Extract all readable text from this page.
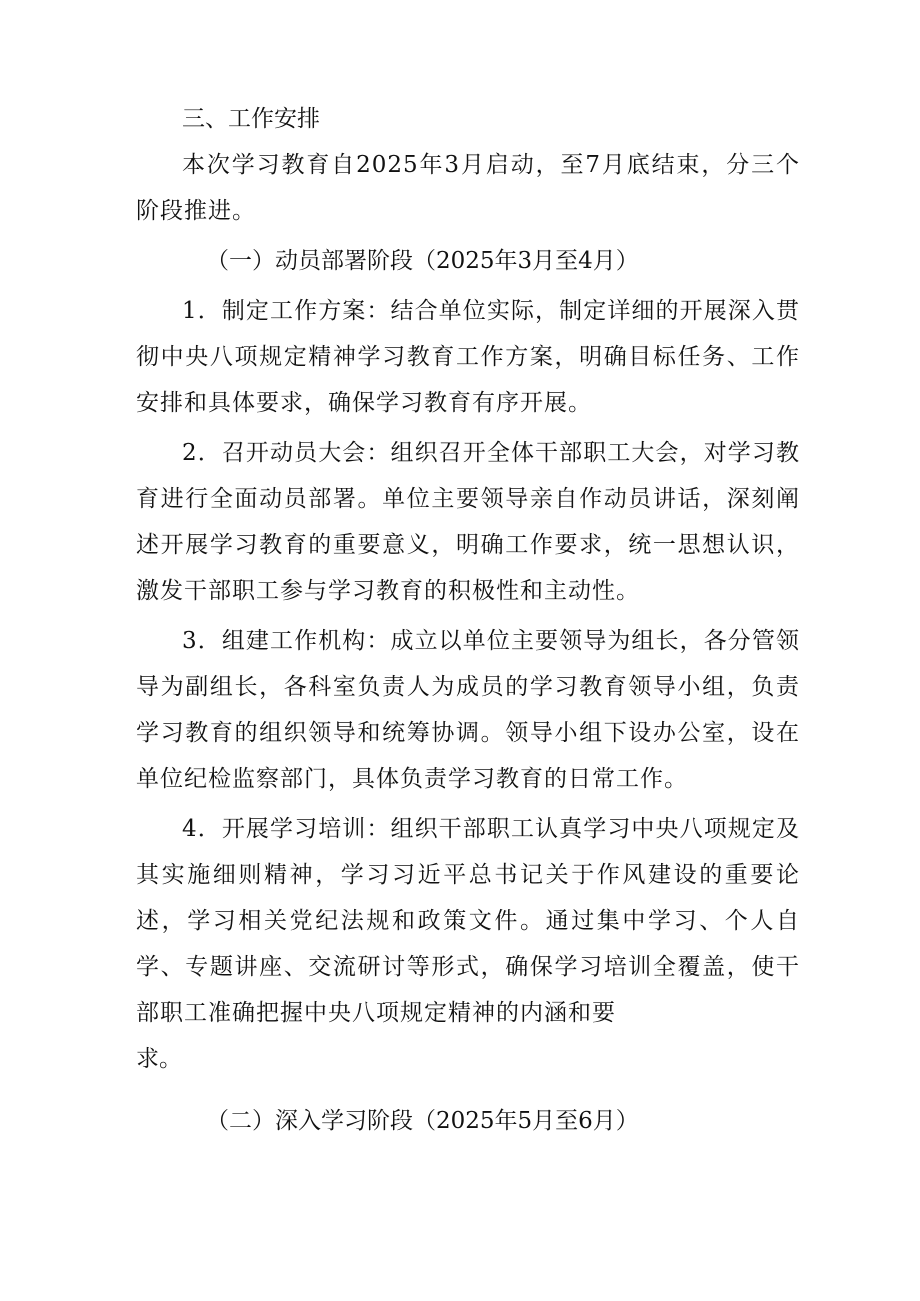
三、工作安排

本次学习教育自2025年3月启动，至7月底结束，分三个阶段推进。

（一）动员部署阶段（2025年3月至4月）

1．制定工作方案：结合单位实际，制定详细的开展深入贯彻中央八项规定精神学习教育工作方案，明确目标任务、工作安排和具体要求，确保学习教育有序开展。

2．召开动员大会：组织召开全体干部职工大会，对学习教育进行全面动员部署。单位主要领导亲自作动员讲话，深刻阐述开展学习教育的重要意义，明确工作要求，统一思想认识，激发干部职工参与学习教育的积极性和主动性。

3．组建工作机构：成立以单位主要领导为组长，各分管领导为副组长，各科室负责人为成员的学习教育领导小组，负责学习教育的组织领导和统筹协调。领导小组下设办公室，设在单位纪检监察部门，具体负责学习教育的日常工作。

4．开展学习培训：组织干部职工认真学习中央八项规定及其实施细则精神，学习习近平总书记关于作风建设的重要论述，学习相关党纪法规和政策文件。通过集中学习、个人自学、专题讲座、交流研讨等形式，确保学习培训全覆盖，使干部职工准确把握中央八项规定精神的内涵和要

求。

（二）深入学习阶段（2025年5月至6月）
